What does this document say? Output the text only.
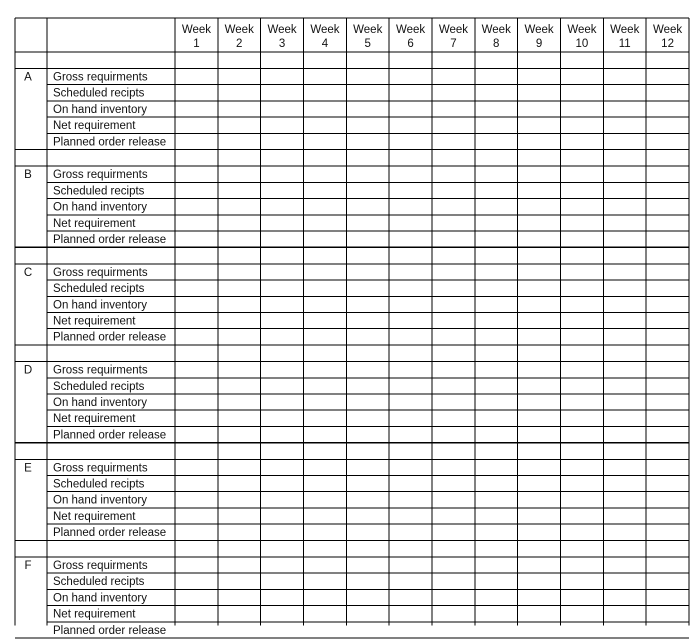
Week
1
Week
2
Week
3
Week
4
Week
5
Week
6
Week
7
Week
8
Week
9
Week
10
Week
11
Week
12
A Gross requirments
Scheduled recipts
On hand inventory
Net requirement
Planned order release
B Gross requirments
Scheduled recipts
On hand inventory
Net requirement
Planned order release
C Gross requirments
Scheduled recipts
On hand inventory
Net requirement
Planned order release
D Gross requirments
Scheduled recipts
On hand inventory
Net requirement
Planned order release
E Gross requirments
Scheduled recipts
On hand inventory
Net requirement
Planned order release
F Gross requirments
Scheduled recipts
On hand inventory
Net requirement
Planned order release
